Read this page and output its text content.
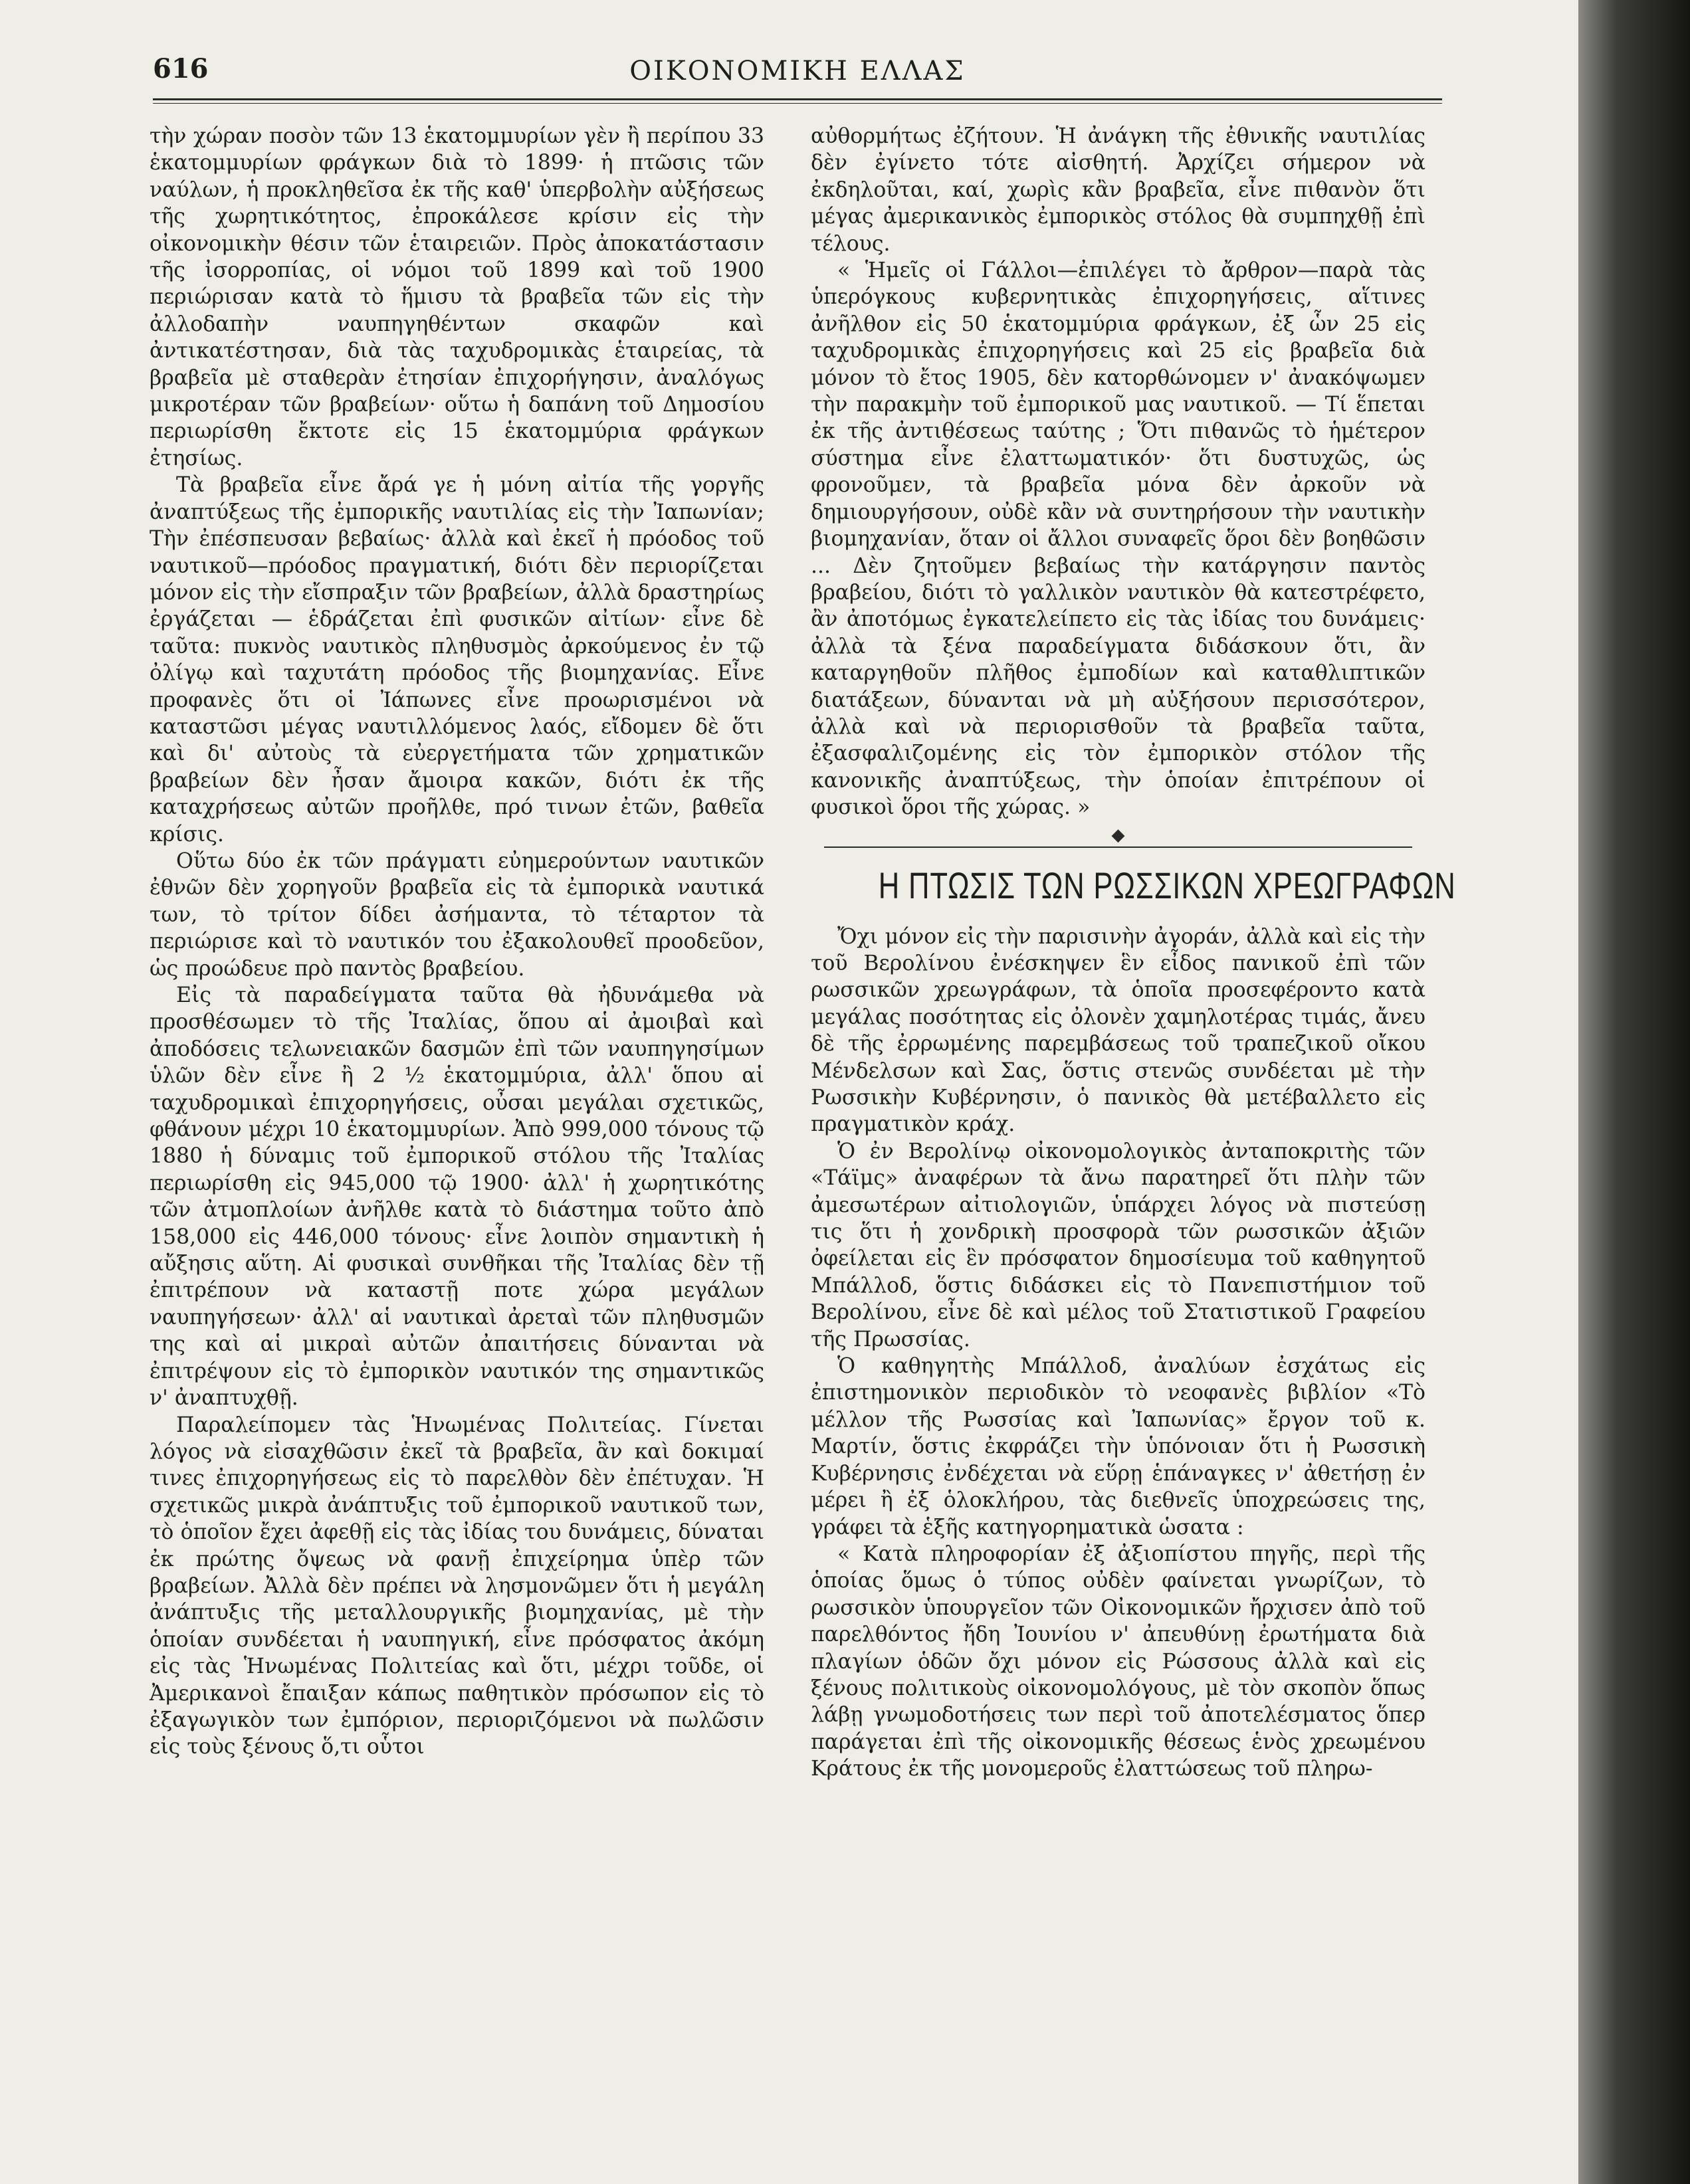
616	ΟΙΚΟΝΟΜΙΚΗ ΕΛΛΑΣ

τὴν χώραν ποσὸν τῶν 13 ἑκατομμυρίων γὲν ἢ περίπου 33 ἑκατομμυρίων φράγκων διὰ τὸ 1899· ἡ πτῶσις τῶν ναύλων, ἡ προκληθεῖσα ἐκ τῆς καθ' ὑπερβολὴν αὐξήσεως τῆς χωρητικότητος, ἐπροκάλεσε κρίσιν εἰς τὴν οἰκονομικὴν θέσιν τῶν ἑταιρειῶν. Πρὸς ἀποκατάστασιν τῆς ἰσορροπίας, οἱ νόμοι τοῦ 1899 καὶ τοῦ 1900 περιώρισαν κατὰ τὸ ἥμισυ τὰ βραβεῖα τῶν εἰς τὴν ἀλλοδαπὴν ναυπηγηθέντων σκαφῶν καὶ ἀντικατέστησαν, διὰ τὰς ταχυδρομικὰς ἑταιρείας, τὰ βραβεῖα μὲ σταθερὰν ἐτησίαν ἐπιχορήγησιν, ἀναλόγως μικροτέραν τῶν βραβείων· οὕτω ἡ δαπάνη τοῦ Δημοσίου περιωρίσθη ἔκτοτε εἰς 15 ἑκατομμύρια φράγκων ἐτησίως.

Τὰ βραβεῖα εἶνε ἄρά γε ἡ μόνη αἰτία τῆς γοργῆς ἀναπτύξεως τῆς ἐμπορικῆς ναυτιλίας εἰς τὴν Ἰαπωνίαν; Τὴν ἐπέσπευσαν βεβαίως· ἀλλὰ καὶ ἐκεῖ ἡ πρόοδος τοῦ ναυτικοῦ—πρόοδος πραγματική, διότι δὲν περιορίζεται μόνον εἰς τὴν εἴσπραξιν τῶν βραβείων, ἀλλὰ δραστηρίως ἐργάζεται — ἑδράζεται ἐπὶ φυσικῶν αἰτίων· εἶνε δὲ ταῦτα: πυκνὸς ναυτικὸς πληθυσμὸς ἀρκούμενος ἐν τῷ ὀλίγῳ καὶ ταχυτάτη πρόοδος τῆς βιομηχανίας. Εἶνε προφανὲς ὅτι οἱ Ἰάπωνες εἶνε προωρισμένοι νὰ καταστῶσι μέγας ναυτιλλόμενος λαός, εἴδομεν δὲ ὅτι καὶ δι' αὐτοὺς τὰ εὐεργετήματα τῶν χρηματικῶν βραβείων δὲν ἦσαν ἄμοιρα κακῶν, διότι ἐκ τῆς καταχρήσεως αὐτῶν προῆλθε, πρό τινων ἐτῶν, βαθεῖα κρίσις.

Οὕτω δύο ἐκ τῶν πράγματι εὐημερούντων ναυτικῶν ἐθνῶν δὲν χορηγοῦν βραβεῖα εἰς τὰ ἐμπορικὰ ναυτικά των, τὸ τρίτον δίδει ἀσήμαντα, τὸ τέταρτον τὰ περιώρισε καὶ τὸ ναυτικόν του ἐξακολουθεῖ προοδεῦον, ὡς προώδευε πρὸ παντὸς βραβείου.

Εἰς τὰ παραδείγματα ταῦτα θὰ ἠδυνάμεθα νὰ προσθέσωμεν τὸ τῆς Ἰταλίας, ὅπου αἱ ἀμοιβαὶ καὶ ἀποδόσεις τελωνειακῶν δασμῶν ἐπὶ τῶν ναυπηγησίμων ὑλῶν δὲν εἶνε ἢ 2 ½ ἑκατομμύρια, ἀλλ' ὅπου αἱ ταχυδρομικαὶ ἐπιχορηγήσεις, οὖσαι μεγάλαι σχετικῶς, φθάνουν μέχρι 10 ἑκατομμυρίων. Ἀπὸ 999,000 τόνους τῷ 1880 ἡ δύναμις τοῦ ἐμπορικοῦ στόλου τῆς Ἰταλίας περιωρίσθη εἰς 945,000 τῷ 1900· ἀλλ' ἡ χωρητικότης τῶν ἀτμοπλοίων ἀνῆλθε κατὰ τὸ διάστημα τοῦτο ἀπὸ 158,000 εἰς 446,000 τόνους· εἶνε λοιπὸν σημαντικὴ ἡ αὔξησις αὕτη. Αἱ φυσικαὶ συνθῆκαι τῆς Ἰταλίας δὲν τῇ ἐπιτρέπουν νὰ καταστῇ ποτε χώρα μεγάλων ναυπηγήσεων· ἀλλ' αἱ ναυτικαὶ ἀρεταὶ τῶν πληθυσμῶν της καὶ αἱ μικραὶ αὐτῶν ἀπαιτήσεις δύνανται νὰ ἐπιτρέψουν εἰς τὸ ἐμπορικὸν ναυτικόν της σημαντικῶς ν' ἀναπτυχθῇ.

Παραλείπομεν τὰς Ἡνωμένας Πολιτείας. Γίνεται λόγος νὰ εἰσαχθῶσιν ἐκεῖ τὰ βραβεῖα, ἂν καὶ δοκιμαί τινες ἐπιχορηγήσεως εἰς τὸ παρελθὸν δὲν ἐπέτυχαν. Ἡ σχετικῶς μικρὰ ἀνάπτυξις τοῦ ἐμπορικοῦ ναυτικοῦ των, τὸ ὁποῖον ἔχει ἀφεθῇ εἰς τὰς ἰδίας του δυνάμεις, δύναται ἐκ πρώτης ὄψεως νὰ φανῇ ἐπιχείρημα ὑπὲρ τῶν βραβείων. Ἀλλὰ δὲν πρέπει νὰ λησμονῶμεν ὅτι ἡ μεγάλη ἀνάπτυξις τῆς μεταλλουργικῆς βιομηχανίας, μὲ τὴν ὁποίαν συνδέεται ἡ ναυπηγική, εἶνε πρόσφατος ἀκόμη εἰς τὰς Ἡνωμένας Πολιτείας καὶ ὅτι, μέχρι τοῦδε, οἱ Ἀμερικανοὶ ἔπαιξαν κάπως παθητικὸν πρόσωπον εἰς τὸ ἐξαγωγικὸν των ἐμπόριον, περιοριζόμενοι νὰ πωλῶσιν εἰς τοὺς ξένους ὅ,τι οὗτοι

αὐθορμήτως ἐζήτουν. Ἡ ἀνάγκη τῆς ἐθνικῆς ναυτιλίας δὲν ἐγίνετο τότε αἰσθητή. Ἀρχίζει σήμερον νὰ ἐκδηλοῦται, καί, χωρὶς κἂν βραβεῖα, εἶνε πιθανὸν ὅτι μέγας ἀμερικανικὸς ἐμπορικὸς στόλος θὰ συμπηχθῇ ἐπὶ τέλους.

« Ἡμεῖς οἱ Γάλλοι—ἐπιλέγει τὸ ἄρθρον—παρὰ τὰς ὑπερόγκους κυβερνητικὰς ἐπιχορηγήσεις, αἵτινες ἀνῆλθον εἰς 50 ἑκατομμύρια φράγκων, ἐξ ὧν 25 εἰς ταχυδρομικὰς ἐπιχορηγήσεις καὶ 25 εἰς βραβεῖα διὰ μόνον τὸ ἔτος 1905, δὲν κατορθώνομεν ν' ἀνακόψωμεν τὴν παρακμὴν τοῦ ἐμπορικοῦ μας ναυτικοῦ. — Τί ἕπεται ἐκ τῆς ἀντιθέσεως ταύτης ; Ὅτι πιθανῶς τὸ ἡμέτερον σύστημα εἶνε ἐλαττωματικόν· ὅτι δυστυχῶς, ὡς φρονοῦμεν, τὰ βραβεῖα μόνα δὲν ἀρκοῦν νὰ δημιουργήσουν, οὐδὲ κἂν νὰ συντηρήσουν τὴν ναυτικὴν βιομηχανίαν, ὅταν οἱ ἄλλοι συναφεῖς ὅροι δὲν βοηθῶσιν ... Δὲν ζητοῦμεν βεβαίως τὴν κατάργησιν παντὸς βραβείου, διότι τὸ γαλλικὸν ναυτικὸν θὰ κατεστρέφετο, ἂν ἀποτόμως ἐγκατελείπετο εἰς τὰς ἰδίας του δυνάμεις· ἀλλὰ τὰ ξένα παραδείγματα διδάσκουν ὅτι, ἂν καταργηθοῦν πλῆθος ἐμποδίων καὶ καταθλιπτικῶν διατάξεων, δύνανται νὰ μὴ αὐξήσουν περισσότερον, ἀλλὰ καὶ νὰ περιορισθοῦν τὰ βραβεῖα ταῦτα, ἐξασφαλιζομένης εἰς τὸν ἐμπορικὸν στόλον τῆς κανονικῆς ἀναπτύξεως, τὴν ὁποίαν ἐπιτρέπουν οἱ φυσικοὶ ὅροι τῆς χώρας. »

◆
Η ΠΤΩΣΙΣ ΤΩΝ ΡΩΣΣΙΚΩΝ ΧΡΕΩΓΡΑΦΩΝ

Ὄχι μόνον εἰς τὴν παρισινὴν ἀγοράν, ἀλλὰ καὶ εἰς τὴν τοῦ Βερολίνου ἐνέσκηψεν ἓν εἶδος πανικοῦ ἐπὶ τῶν ρωσσικῶν χρεωγράφων, τὰ ὁποῖα προσεφέροντο κατὰ μεγάλας ποσότητας εἰς ὀλονὲν χαμηλοτέρας τιμάς, ἄνευ δὲ τῆς ἐρρωμένης παρεμβάσεως τοῦ τραπεζικοῦ οἴκου Μένδελσων καὶ Σας, ὅστις στενῶς συνδέεται μὲ τὴν Ρωσσικὴν Κυβέρνησιν, ὁ πανικὸς θὰ μετέβαλλετο εἰς πραγματικὸν κράχ.

Ὁ ἐν Βερολίνῳ οἰκονομολογικὸς ἀνταποκριτὴς τῶν «Τάϊμς» ἀναφέρων τὰ ἄνω παρατηρεῖ ὅτι πλὴν τῶν ἀμεσωτέρων αἰτιολογιῶν, ὑπάρχει λόγος νὰ πιστεύσῃ τις ὅτι ἡ χονδρικὴ προσφορὰ τῶν ρωσσικῶν ἀξιῶν ὀφείλεται εἰς ἓν πρόσφατον δημοσίευμα τοῦ καθηγητοῦ Μπάλλοδ, ὅστις διδάσκει εἰς τὸ Πανεπιστήμιον τοῦ Βερολίνου, εἶνε δὲ καὶ μέλος τοῦ Στατιστικοῦ Γραφείου τῆς Πρωσσίας.

Ὁ καθηγητὴς Μπάλλοδ, ἀναλύων ἐσχάτως εἰς ἐπιστημονικὸν περιοδικὸν τὸ νεοφανὲς βιβλίον «Τὸ μέλλον τῆς Ρωσσίας καὶ Ἰαπωνίας» ἔργον τοῦ κ. Μαρτίν, ὅστις ἐκφράζει τὴν ὑπόνοιαν ὅτι ἡ Ρωσσικὴ Κυβέρνησις ἐνδέχεται νὰ εὕρῃ ἑπάναγκες ν' ἀθετήσῃ ἐν μέρει ἢ ἐξ ὁλοκλήρου, τὰς διεθνεῖς ὑποχρεώσεις της, γράφει τὰ ἑξῆς κατηγορηματικὰ ὡσατα :

« Κατὰ πληροφορίαν ἐξ ἀξιοπίστου πηγῆς, περὶ τῆς ὁποίας ὅμως ὁ τύπος οὐδὲν φαίνεται γνωρίζων, τὸ ρωσσικὸν ὑπουργεῖον τῶν Οἰκονομικῶν ἤρχισεν ἀπὸ τοῦ παρελθόντος ἤδη Ἰουνίου ν' ἀπευθύνῃ ἐρωτήματα διὰ πλαγίων ὁδῶν ὄχι μόνον εἰς Ρώσσους ἀλλὰ καὶ εἰς ξένους πολιτικοὺς οἰκονομολόγους, μὲ τὸν σκοπὸν ὅπως λάβῃ γνωμοδοτήσεις των περὶ τοῦ ἀποτελέσματος ὅπερ παράγεται ἐπὶ τῆς οἰκονομικῆς θέσεως ἑνὸς χρεωμένου Κράτους ἐκ τῆς μονομεροῦς ἐλαττώσεως τοῦ πληρω-
